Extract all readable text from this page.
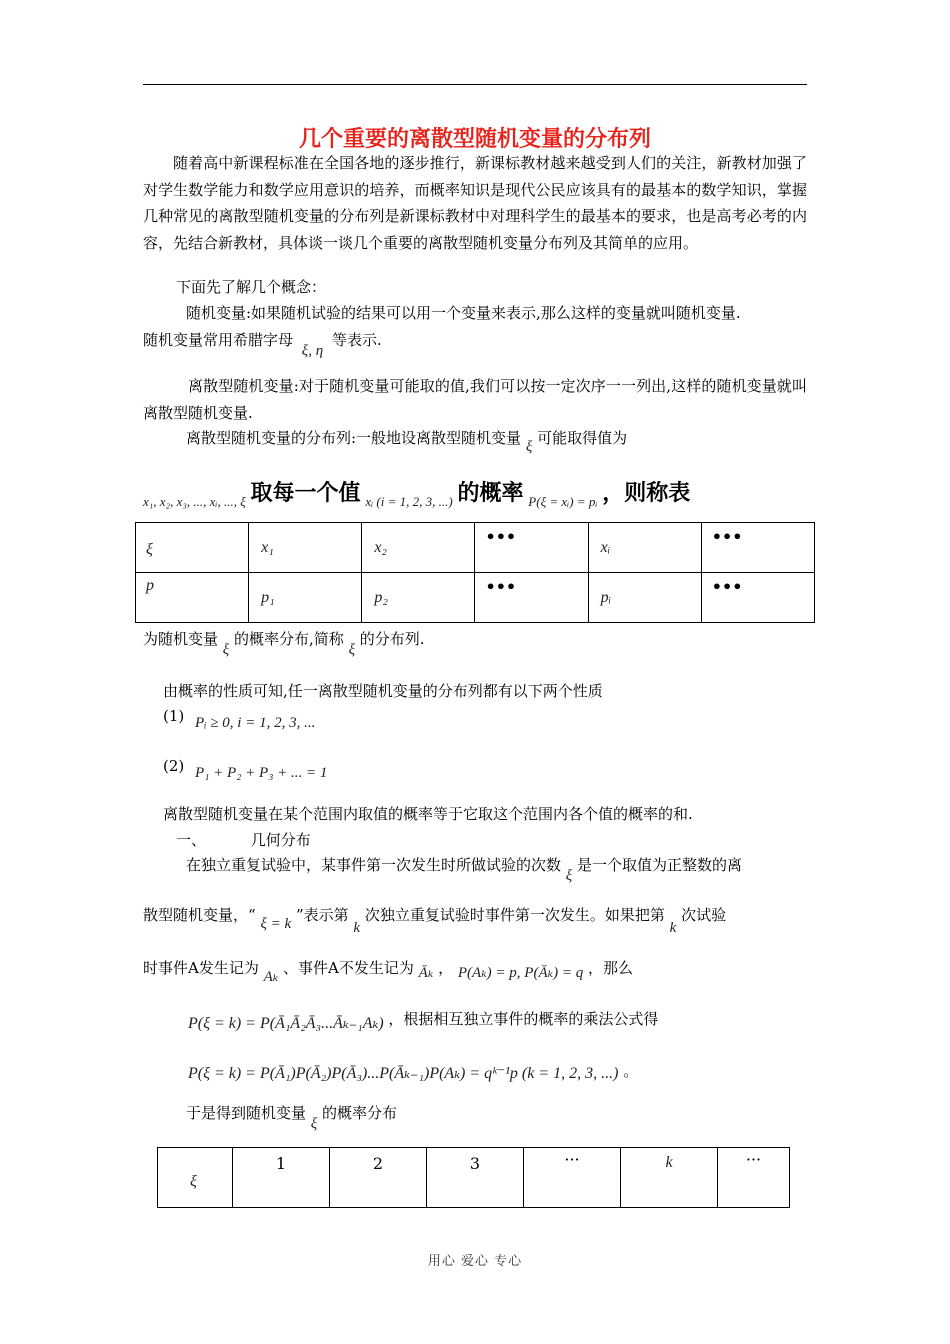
几个重要的离散型随机变量的分布列
随着高中新课程标准在全国各地的逐步推行，新课标教材越来越受到人们的关注，新教材加强了对学生数学能力和数学应用意识的培养，而概率知识是现代公民应该具有的最基本的数学知识，掌握几种常见的离散型随机变量的分布列是新课标教材中对理科学生的最基本的要求，也是高考必考的内容，先结合新教材，具体谈一谈几个重要的离散型随机变量分布列及其简单的应用。
下面先了解几个概念：
随机变量:如果随机试验的结果可以用一个变量来表示,那么这样的变量就叫随机变量.
随机变量常用希腊字母 ξ, η 等表示.
离散型随机变量:对于随机变量可能取的值,我们可以按一定次序一一列出,这样的随机变量就叫离散型随机变量.
离散型随机变量的分布列:一般地设离散型随机变量 ξ 可能取得值为
x₁, x₂, x₃, ..., xᵢ, ..., ξ 取每一个值 xᵢ (i = 1, 2, 3, ...) 的概率 P(ξ = xᵢ) = pᵢ ，则称表
ξ	x₁	x₂	•••	xᵢ	•••
p	p₁	p₂	•••	pᵢ	•••
为随机变量 ξ 的概率分布,简称 ξ 的分布列.
由概率的性质可知,任一离散型随机变量的分布列都有以下两个性质
(1) Pᵢ ≥ 0, i = 1, 2, 3, ...
(2) P₁ + P₂ + P₃ + ... = 1
离散型随机变量在某个范围内取值的概率等于它取这个范围内各个值的概率的和.
一、	几何分布
在独立重复试验中，某事件第一次发生时所做试验的次数 ξ 是一个取值为正整数的离
散型随机变量，“ ξ = k ”表示第 k 次独立重复试验时事件第一次发生。如果把第 k 次试验
时事件A发生记为 Aₖ 、事件A不发生记为 Āₖ ， P(Aₖ) = p, P(Āₖ) = q ，那么
P(ξ = k) = P(Ā₁Ā₂Ā₃...Āₖ₋₁Aₖ) ，根据相互独立事件的概率的乘法公式得
P(ξ = k) = P(Ā₁)P(Ā₂)P(Ā₃)...P(Āₖ₋₁)P(Aₖ) = qᵏ⁻¹p (k = 1, 2, 3, ...) 。
于是得到随机变量 ξ 的概率分布
ξ	1	2	3	···	k	···
用心 爱心 专心
